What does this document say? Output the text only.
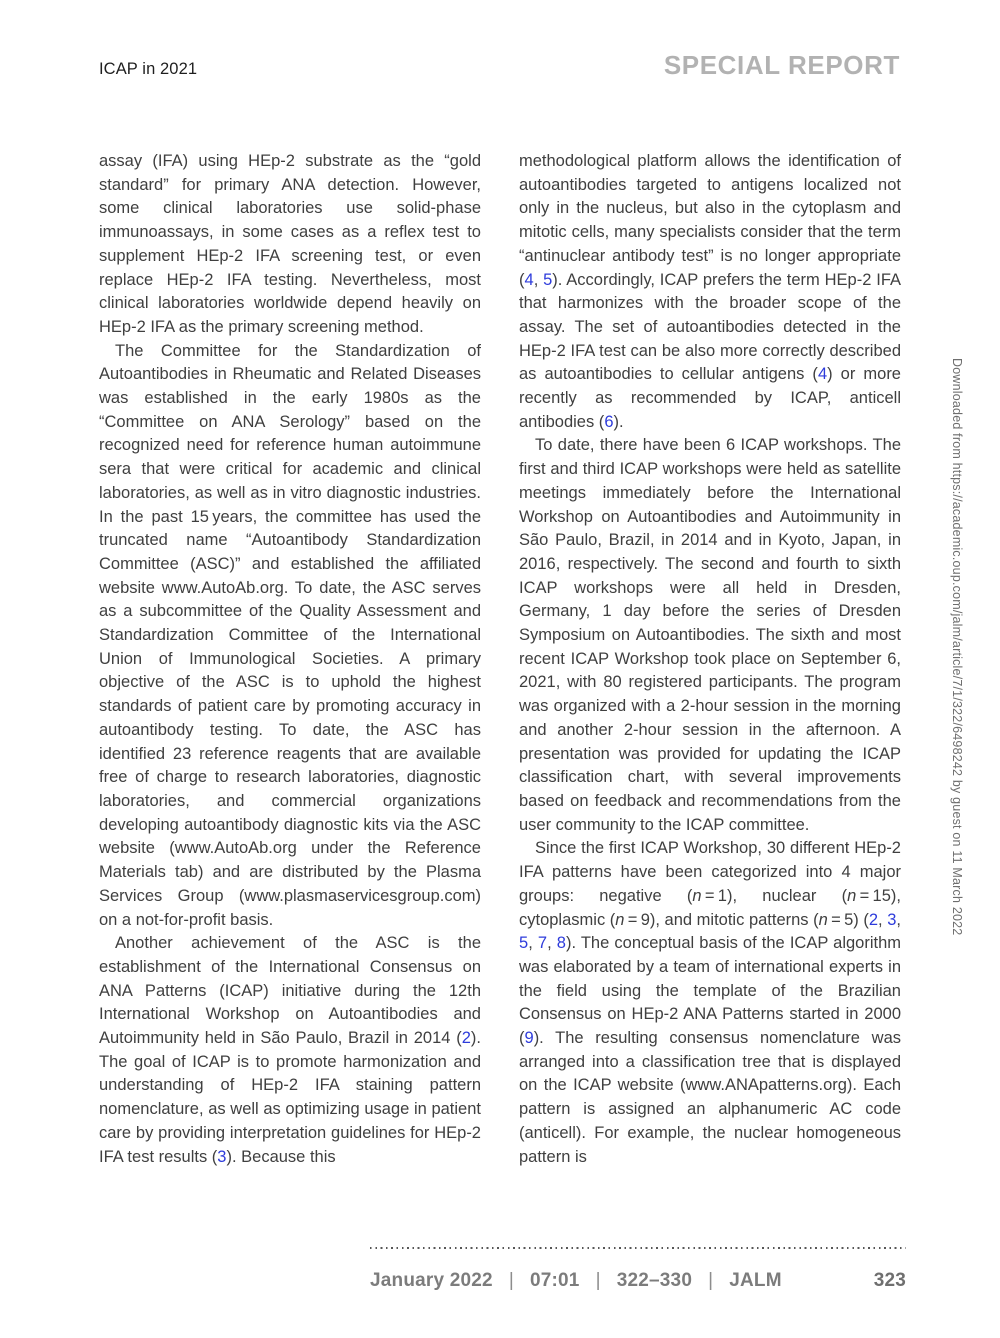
ICAP in 2021	SPECIAL REPORT

assay (IFA) using HEp-2 substrate as the “gold standard” for primary ANA detection. However, some clinical laboratories use solid-phase immunoassays, in some cases as a reflex test to supplement HEp-2 IFA screening test, or even replace HEp-2 IFA testing. Nevertheless, most clinical laboratories worldwide depend heavily on HEp-2 IFA as the primary screening method.

The Committee for the Standardization of Autoantibodies in Rheumatic and Related Diseases was established in the early 1980s as the “Committee on ANA Serology” based on the recognized need for reference human autoimmune sera that were critical for academic and clinical laboratories, as well as in vitro diagnostic industries. In the past 15 years, the committee has used the truncated name “Autoantibody Standardization Committee (ASC)” and established the affiliated website www.AutoAb.org. To date, the ASC serves as a subcommittee of the Quality Assessment and Standardization Committee of the International Union of Immunological Societies. A primary objective of the ASC is to uphold the highest standards of patient care by promoting accuracy in autoantibody testing. To date, the ASC has identified 23 reference reagents that are available free of charge to research laboratories, diagnostic laboratories, and commercial organizations developing autoantibody diagnostic kits via the ASC website (www.AutoAb.org under the Reference Materials tab) and are distributed by the Plasma Services Group (www.plasmaservicesgroup.com) on a not-for-profit basis.

Another achievement of the ASC is the establishment of the International Consensus on ANA Patterns (ICAP) initiative during the 12th International Workshop on Autoantibodies and Autoimmunity held in São Paulo, Brazil in 2014 (2). The goal of ICAP is to promote harmonization and understanding of HEp-2 IFA staining pattern nomenclature, as well as optimizing usage in patient care by providing interpretation guidelines for HEp-2 IFA test results (3). Because this

methodological platform allows the identification of autoantibodies targeted to antigens localized not only in the nucleus, but also in the cytoplasm and mitotic cells, many specialists consider that the term “antinuclear antibody test” is no longer appropriate (4, 5). Accordingly, ICAP prefers the term HEp-2 IFA that harmonizes with the broader scope of the assay. The set of autoantibodies detected in the HEp-2 IFA test can be also more correctly described as autoantibodies to cellular antigens (4) or more recently as recommended by ICAP, anticell antibodies (6).

To date, there have been 6 ICAP workshops. The first and third ICAP workshops were held as satellite meetings immediately before the International Workshop on Autoantibodies and Autoimmunity in São Paulo, Brazil, in 2014 and in Kyoto, Japan, in 2016, respectively. The second and fourth to sixth ICAP workshops were all held in Dresden, Germany, 1 day before the series of Dresden Symposium on Autoantibodies. The sixth and most recent ICAP Workshop took place on September 6, 2021, with 80 registered participants. The program was organized with a 2-hour session in the morning and another 2-hour session in the afternoon. A presentation was provided for updating the ICAP classification chart, with several improvements based on feedback and recommendations from the user community to the ICAP committee.

Since the first ICAP Workshop, 30 different HEp-2 IFA patterns have been categorized into 4 major groups: negative (n = 1), nuclear (n = 15), cytoplasmic (n = 9), and mitotic patterns (n = 5) (2, 3, 5, 7, 8). The conceptual basis of the ICAP algorithm was elaborated by a team of international experts in the field using the template of the Brazilian Consensus on HEp-2 ANA Patterns started in 2000 (9). The resulting consensus nomenclature was arranged into a classification tree that is displayed on the ICAP website (www.ANApatterns.org). Each pattern is assigned an alphanumeric AC code (anticell). For example, the nuclear homogeneous pattern is

Downloaded from https://academic.oup.com/jalm/article/7/1/322/6498242 by guest on 11 March 2022
January 2022 | 07:01 | 322–330 | JALM	323
